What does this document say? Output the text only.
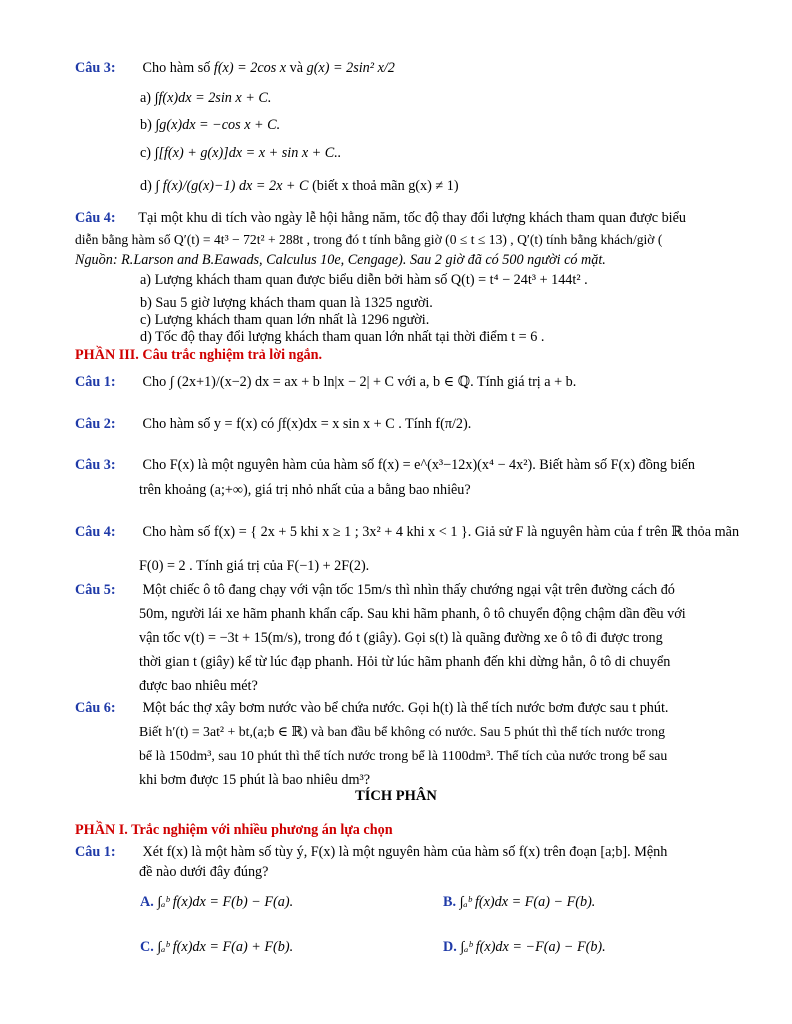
Câu 3: Cho hàm số f(x) = 2cos x và g(x) = 2sin² x/2
a) ∫f(x)dx = 2sin x + C.
b) ∫g(x)dx = −cos x + C.
c) ∫[f(x) + g(x)]dx = x + sin x + C..
d) ∫ f(x)/(g(x)−1) dx = 2x + C (biết x thoả mãn g(x) ≠ 1)
Câu 4: Tại một khu di tích vào ngày lễ hội hằng năm, tốc độ thay đổi lượng khách tham quan được biểu
diễn bằng hàm số Q′(t) = 4t³ − 72t² + 288t , trong đó t tính bằng giờ (0 ≤ t ≤ 13) , Q′(t) tính bằng khách/giờ (
Nguồn: R.Larson and B.Eawads, Calculus 10e, Cengage). Sau 2 giờ đã có 500 người có mặt.
a) Lượng khách tham quan được biểu diễn bởi hàm số Q(t) = t⁴ − 24t³ + 144t² .
b) Sau 5 giờ lượng khách tham quan là 1325 người.
c) Lượng khách tham quan lớn nhất là 1296 người.
d) Tốc độ thay đổi lượng khách tham quan lớn nhất tại thời điểm t = 6 .
PHẦN III. Câu trắc nghiệm trả lời ngắn.
Câu 1: Cho ∫ (2x+1)/(x−2) dx = ax + b ln|x − 2| + C với a, b ∈ ℚ. Tính giá trị a + b.
Câu 2: Cho hàm số y = f(x) có ∫f(x)dx = x sin x + C . Tính f(π/2).
Câu 3: Cho F(x) là một nguyên hàm của hàm số f(x) = e^(x³−12x)(x⁴ − 4x²). Biết hàm số F(x) đồng biến
trên khoảng (a;+∞), giá trị nhỏ nhất của a bằng bao nhiêu?
Câu 4: Cho hàm số f(x) = { 2x + 5 khi x ≥ 1 ; 3x² + 4 khi x < 1 }. Giả sử F là nguyên hàm của f trên ℝ thỏa mãn
F(0) = 2 . Tính giá trị của F(−1) + 2F(2).
Câu 5: Một chiếc ô tô đang chạy với vận tốc 15m/s thì nhìn thấy chướng ngại vật trên đường cách đó
50m, người lái xe hãm phanh khẩn cấp. Sau khi hãm phanh, ô tô chuyển động chậm dần đều với
vận tốc v(t) = −3t + 15(m/s), trong đó t (giây). Gọi s(t) là quãng đường xe ô tô đi được trong
thời gian t (giây) kể từ lúc đạp phanh. Hỏi từ lúc hãm phanh đến khi dừng hẳn, ô tô di chuyển
được bao nhiêu mét?
Câu 6: Một bác thợ xây bơm nước vào bể chứa nước. Gọi h(t) là thể tích nước bơm được sau t phút.
Biết h′(t) = 3at² + bt,(a;b ∈ ℝ) và ban đầu bể không có nước. Sau 5 phút thì thể tích nước trong
bể là 150dm³, sau 10 phút thì thể tích nước trong bể là 1100dm³. Thể tích của nước trong bể sau
khi bơm được 15 phút là bao nhiêu dm³?
TÍCH PHÂN
PHẦN I. Trắc nghiệm với nhiều phương án lựa chọn
Câu 1: Xét f(x) là một hàm số tùy ý, F(x) là một nguyên hàm của hàm số f(x) trên đoạn [a;b]. Mệnh
đề nào dưới đây đúng?
A. ∫ₐᵇ f(x)dx = F(b) − F(a).	B. ∫ₐᵇ f(x)dx = F(a) − F(b).
C. ∫ₐᵇ f(x)dx = F(a) + F(b).	D. ∫ₐᵇ f(x)dx = −F(a) − F(b).
